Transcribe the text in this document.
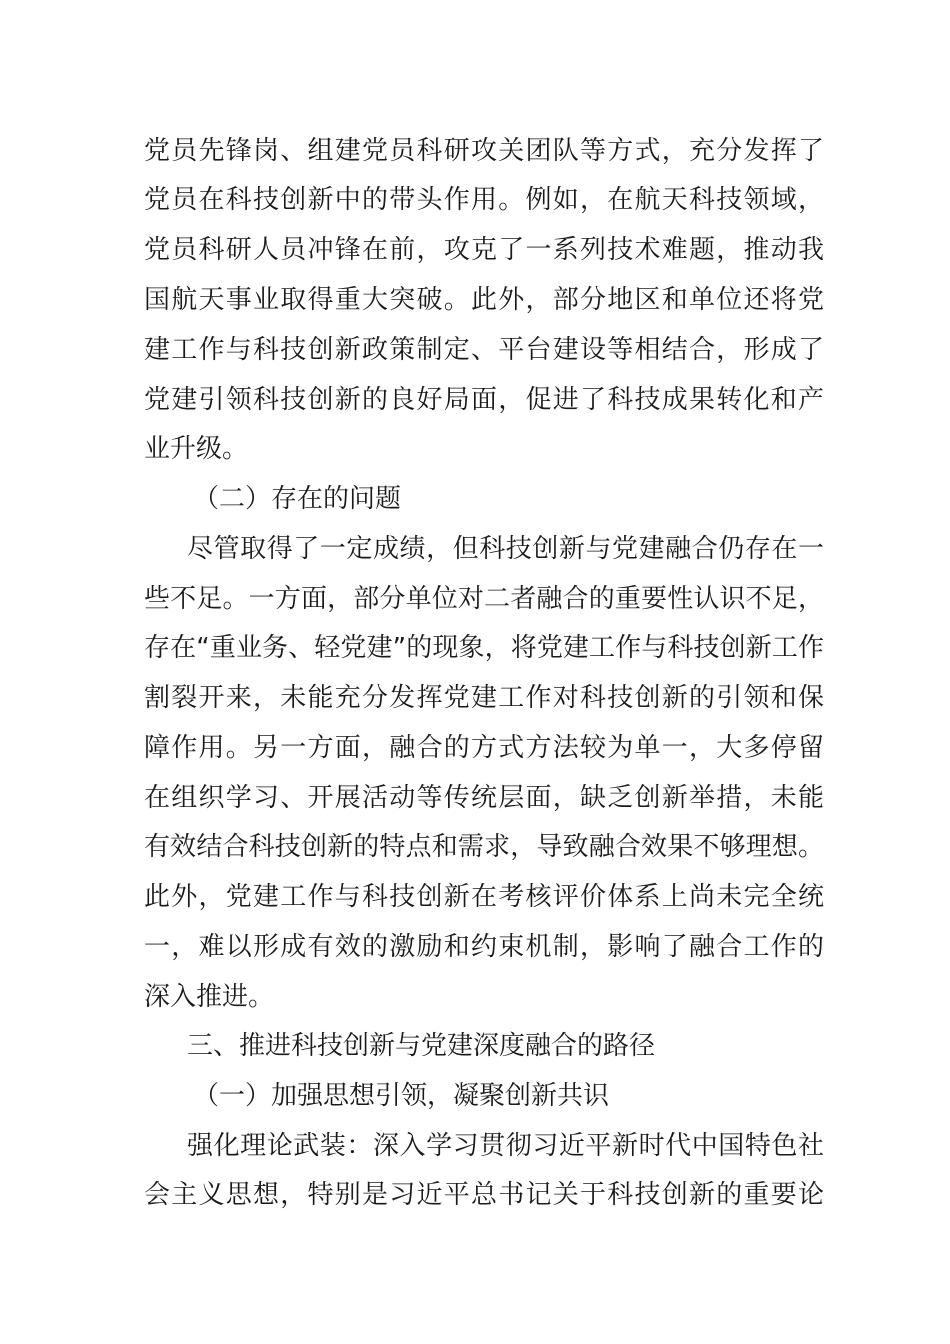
党员先锋岗、组建党员科研攻关团队等方式，充分发挥了
党员在科技创新中的带头作用。例如，在航天科技领域，
党员科研人员冲锋在前，攻克了一系列技术难题，推动我
国航天事业取得重大突破。此外，部分地区和单位还将党
建工作与科技创新政策制定、平台建设等相结合，形成了
党建引领科技创新的良好局面，促进了科技成果转化和产
业升级。
（二）存在的问题
尽管取得了一定成绩，但科技创新与党建融合仍存在一
些不足。一方面，部分单位对二者融合的重要性认识不足，
存在“重业务、轻党建”的现象，将党建工作与科技创新工作
割裂开来，未能充分发挥党建工作对科技创新的引领和保
障作用。另一方面，融合的方式方法较为单一，大多停留
在组织学习、开展活动等传统层面，缺乏创新举措，未能
有效结合科技创新的特点和需求，导致融合效果不够理想。
此外，党建工作与科技创新在考核评价体系上尚未完全统
一，难以形成有效的激励和约束机制，影响了融合工作的
深入推进。
三、推进科技创新与党建深度融合的路径
（一）加强思想引领，凝聚创新共识
强化理论武装：深入学习贯彻习近平新时代中国特色社
会主义思想，特别是习近平总书记关于科技创新的重要论
